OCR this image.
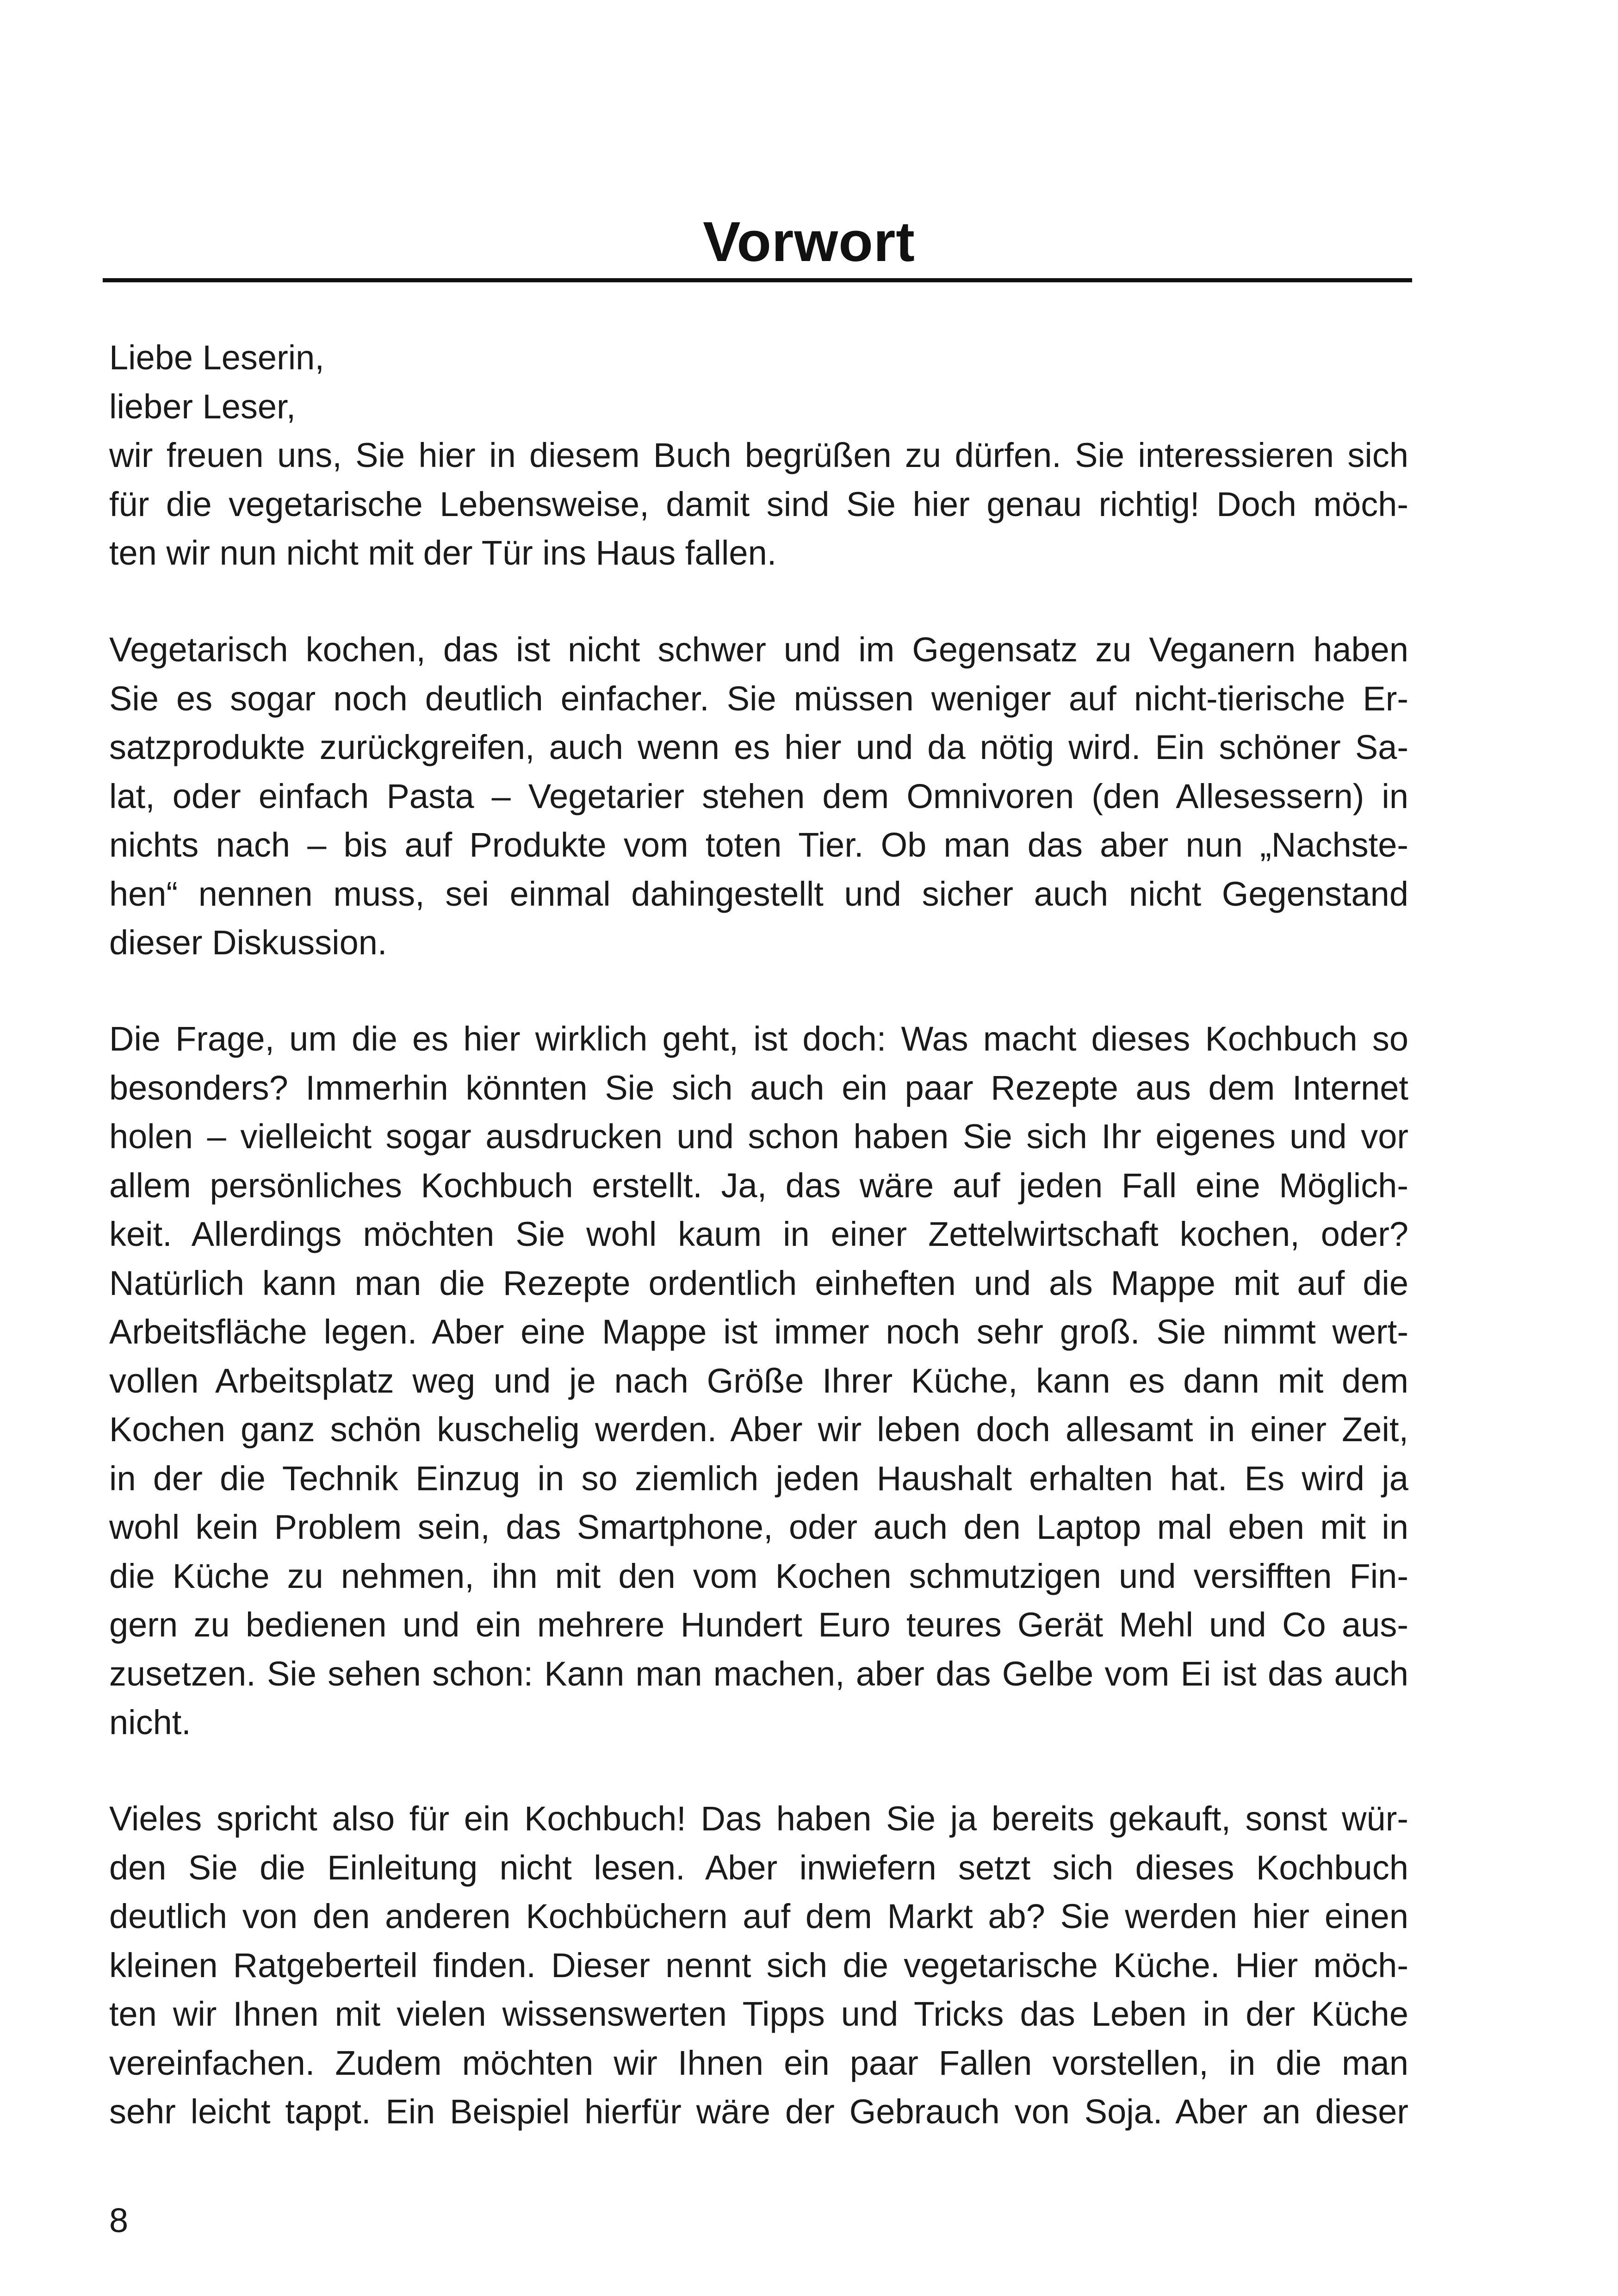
Vorwort
Liebe Leserin,
lieber Leser,
wir freuen uns, Sie hier in diesem Buch begrüßen zu dürfen. Sie interessieren sich
für die vegetarische Lebensweise, damit sind Sie hier genau richtig! Doch möch-
ten wir nun nicht mit der Tür ins Haus fallen.
Vegetarisch kochen, das ist nicht schwer und im Gegensatz zu Veganern haben
Sie es sogar noch deutlich einfacher. Sie müssen weniger auf nicht-tierische Er-
satzprodukte zurückgreifen, auch wenn es hier und da nötig wird. Ein schöner Sa-
lat, oder einfach Pasta – Vegetarier stehen dem Omnivoren (den Allesessern) in
nichts nach – bis auf Produkte vom toten Tier. Ob man das aber nun „Nachste-
hen“ nennen muss, sei einmal dahingestellt und sicher auch nicht Gegenstand
dieser Diskussion.
Die Frage, um die es hier wirklich geht, ist doch: Was macht dieses Kochbuch so
besonders? Immerhin könnten Sie sich auch ein paar Rezepte aus dem Internet
holen – vielleicht sogar ausdrucken und schon haben Sie sich Ihr eigenes und vor
allem persönliches Kochbuch erstellt. Ja, das wäre auf jeden Fall eine Möglich-
keit. Allerdings möchten Sie wohl kaum in einer Zettelwirtschaft kochen, oder?
Natürlich kann man die Rezepte ordentlich einheften und als Mappe mit auf die
Arbeitsfläche legen. Aber eine Mappe ist immer noch sehr groß. Sie nimmt wert-
vollen Arbeitsplatz weg und je nach Größe Ihrer Küche, kann es dann mit dem
Kochen ganz schön kuschelig werden. Aber wir leben doch allesamt in einer Zeit,
in der die Technik Einzug in so ziemlich jeden Haushalt erhalten hat. Es wird ja
wohl kein Problem sein, das Smartphone, oder auch den Laptop mal eben mit in
die Küche zu nehmen, ihn mit den vom Kochen schmutzigen und versifften Fin-
gern zu bedienen und ein mehrere Hundert Euro teures Gerät Mehl und Co aus-
zusetzen. Sie sehen schon: Kann man machen, aber das Gelbe vom Ei ist das auch
nicht.
Vieles spricht also für ein Kochbuch! Das haben Sie ja bereits gekauft, sonst wür-
den Sie die Einleitung nicht lesen. Aber inwiefern setzt sich dieses Kochbuch
deutlich von den anderen Kochbüchern auf dem Markt ab? Sie werden hier einen
kleinen Ratgeberteil finden. Dieser nennt sich die vegetarische Küche. Hier möch-
ten wir Ihnen mit vielen wissenswerten Tipps und Tricks das Leben in der Küche
vereinfachen. Zudem möchten wir Ihnen ein paar Fallen vorstellen, in die man
sehr leicht tappt. Ein Beispiel hierfür wäre der Gebrauch von Soja. Aber an dieser
8
